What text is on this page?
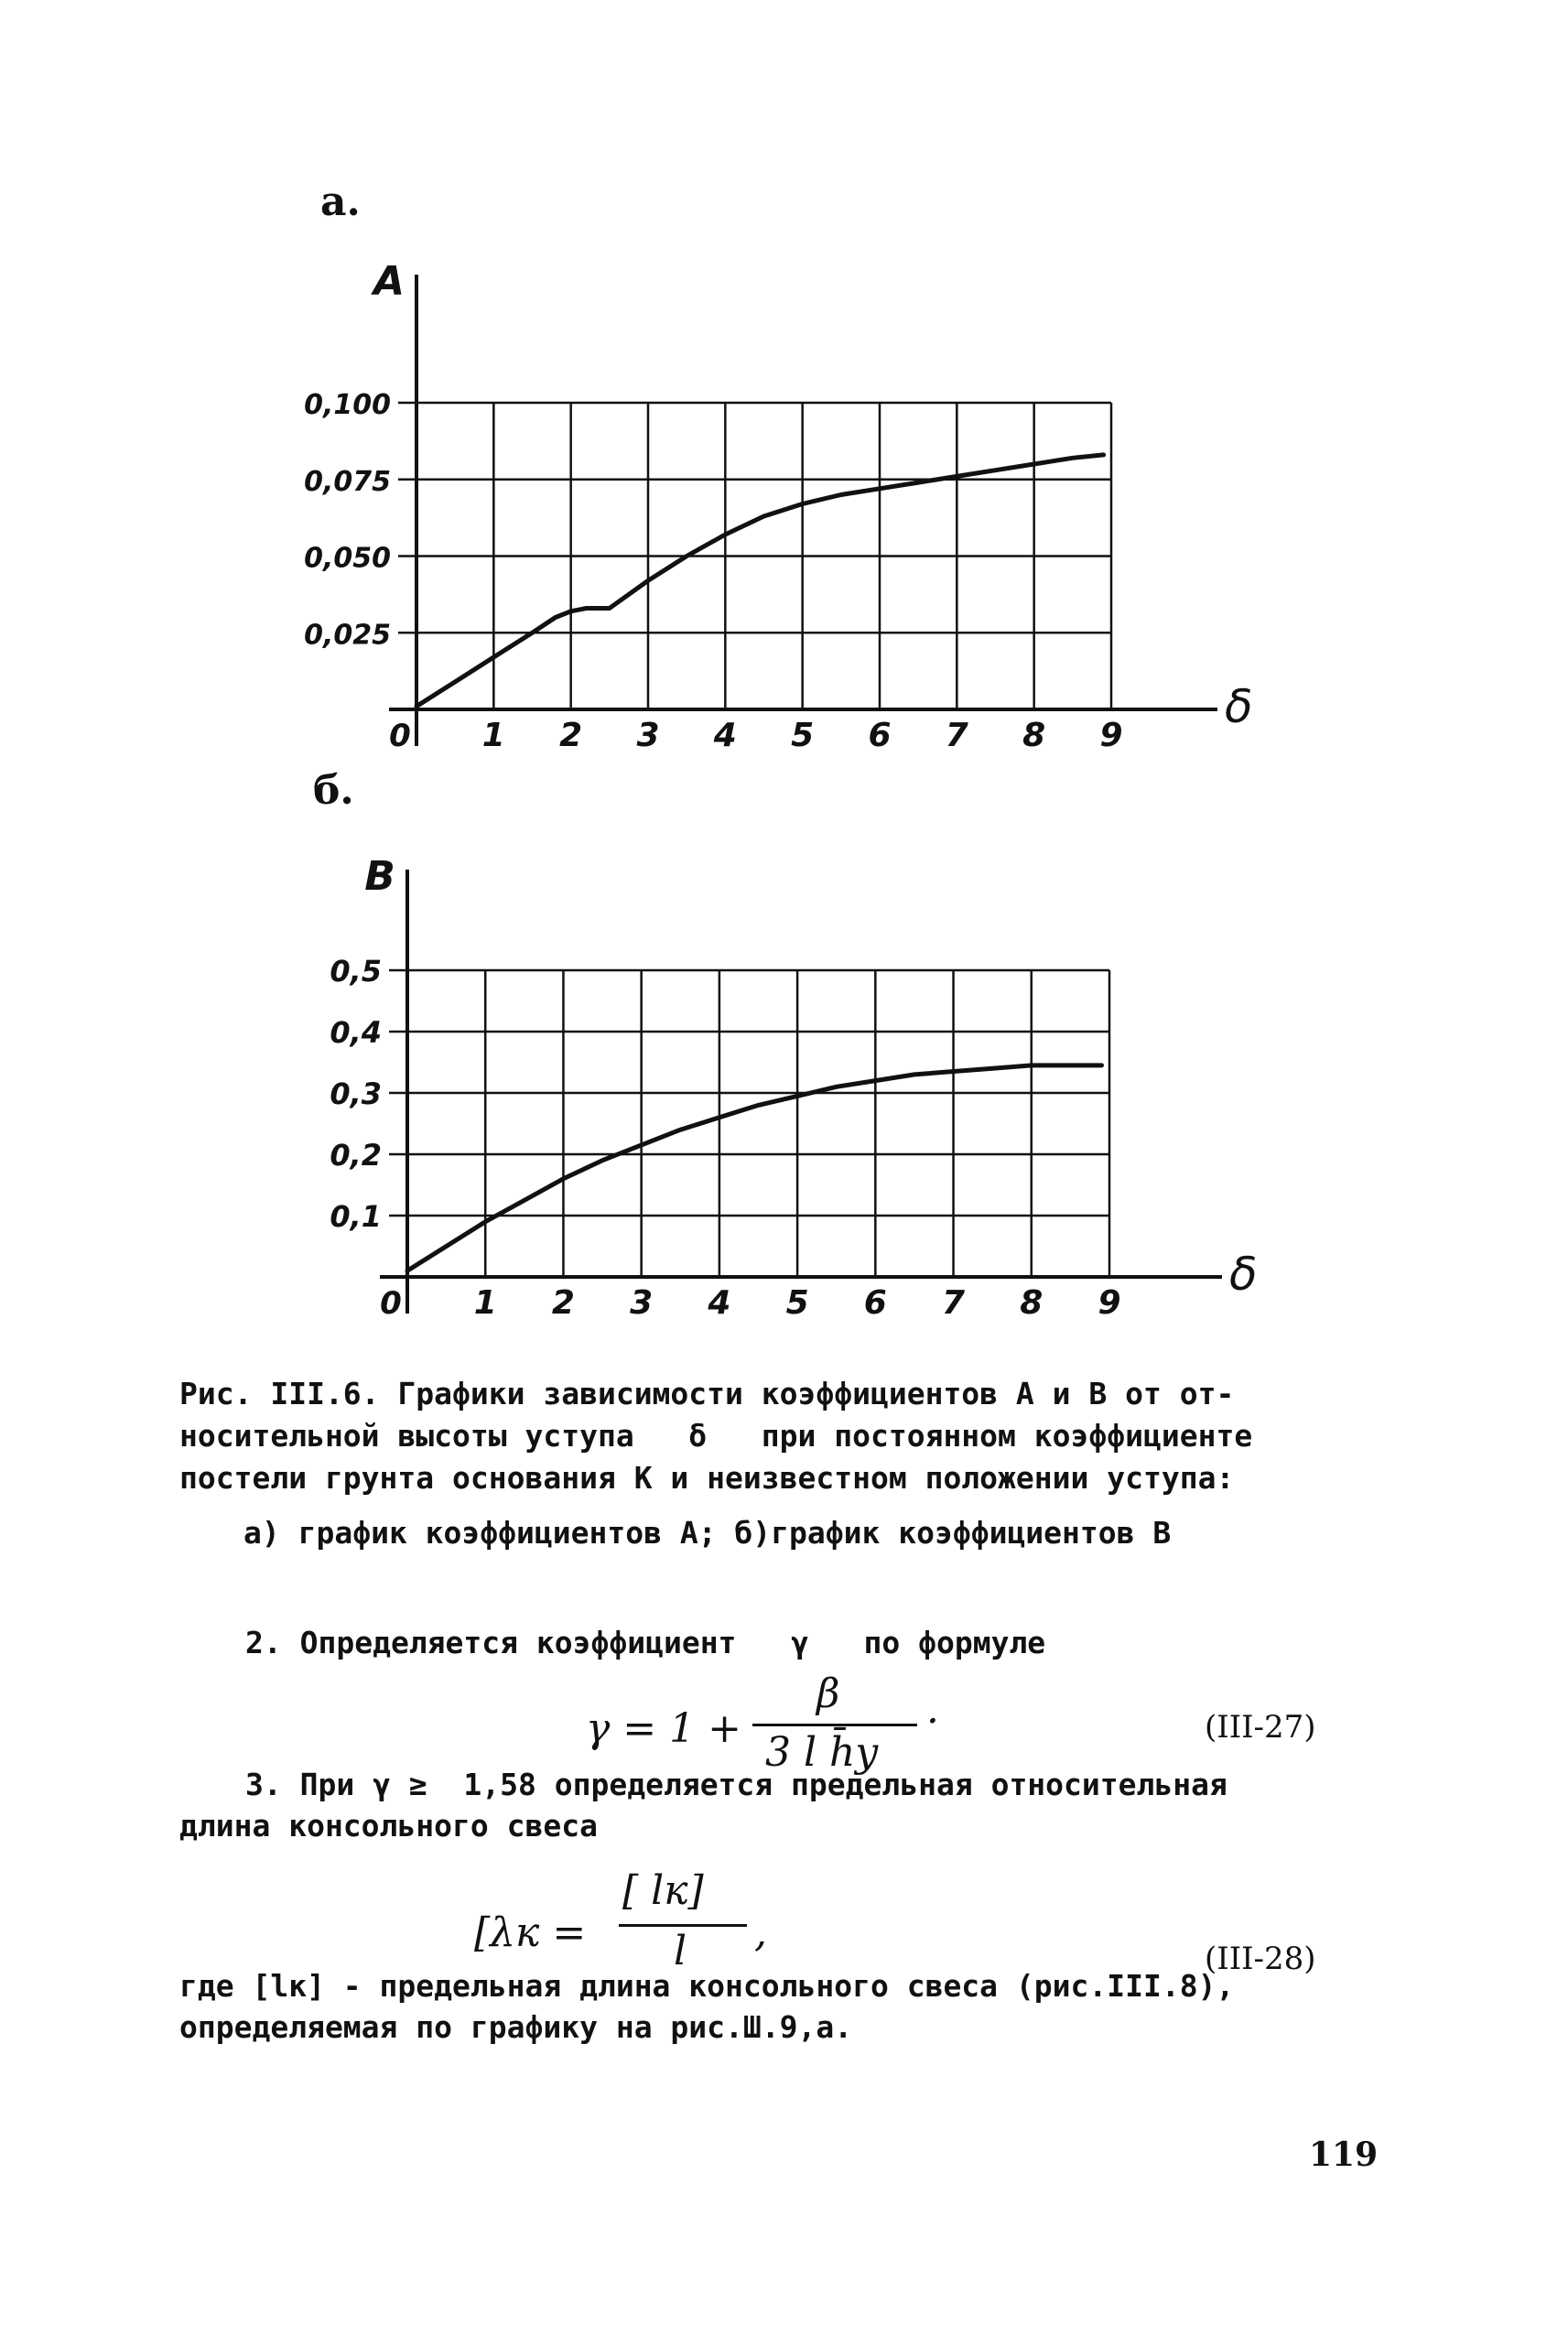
а.
0,100
0,075
0,050
0,025
1 2 3 4 5 6 7 8 9
0
A
δ
б.
0,5
0,4
0,3
0,2
0,1
1 2 3 4 5 6 7 8 9
0
B
δ
Рис. III.6. Графики зависимости коэффициентов А и В от от-
носительной высоты уступа   δ   при постоянном коэффициенте
постели грунта основания К и неизвестном положении уступа:
а) график коэффициентов А; б)график коэффициентов В
2. Определяется коэффициент   γ   по формуле
γ = 1 +
β
3 l h̄y
·	(III-27)
3. При γ ≥  1,58 определяется предельная относительная
длина консольного свеса
[λк =
[ lк]
l ,
(III-28)
где [lк] - предельная длина консольного свеса (рис.III.8),
определяемая по графику на рис.Ш.9,а.
119
